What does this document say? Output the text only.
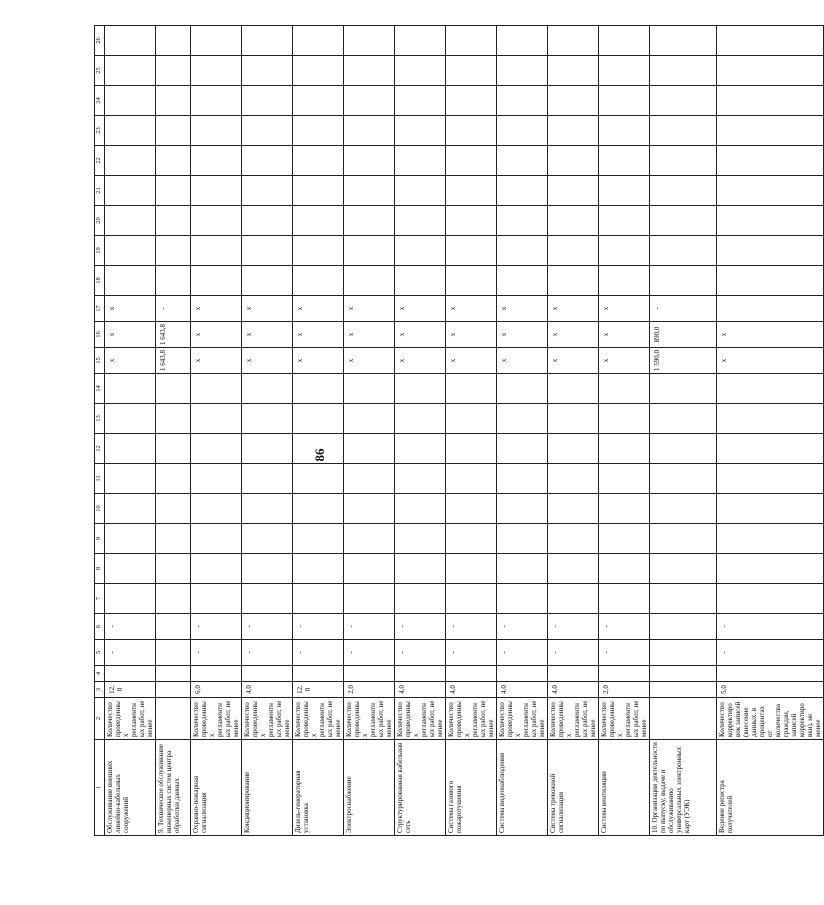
86
1	2	3	4	5	6	7	8	9	10	11	12	13	14	15	16	17	18	19	20	21	22	23	24	25	26
Обслуживание внешних линейно-кабельных сооружений	Количество проведенных регламентных работ, не менее	12,0		-	-									х	х	х									
9. Техническое обслуживание инженерных систем центра обработки данных														1 643,8	1 643,8	-									
Охранно-пожарная сигнализация	Количество проведенных регламентных работ, не менее	6,0		-	-									х	х	х									
Кондиционирование	Количество проведенных регламентных работ, не менее	4,0		-	-									х	х	х									
Дизель-генераторная установка	Количество проведенных регламентных работ, не менее	12,0		-	-									х	х	х									
Электроснабжение	Количество проведенных регламентных работ, не менее	2,0		-	-									х	х	х									
Структурированная кабельная сеть	Количество проведенных регламентных работ, не менее	4,0		-	-									х	х	х									
Система газового пожаротушения	Количество проведенных регламентных работ, не менее	4,0		-	-									х	х	х									
Система видеонаблюдения	Количество проведенных регламентных работ, не менее	4,0		-	-									х	х	х									
Система тревожной сигнализации	Количество проведенных регламентных работ, не менее	4,0		-	-									х	х	х									
Система вентиляции	Количество проведенных регламентных работ, не менее	2,0		-	-									х	х	х									
10. Организация деятельности по выпуску, выдаче и обслуживанию универсальных электронных карт (УЭК)														1 590,0	890,0	-									
Ведение регистра получателей	Количество корректировок записей (внесение данных, в процентах от количества граждан, записей корректировки), не менее	5,0		-	-									х	х										
